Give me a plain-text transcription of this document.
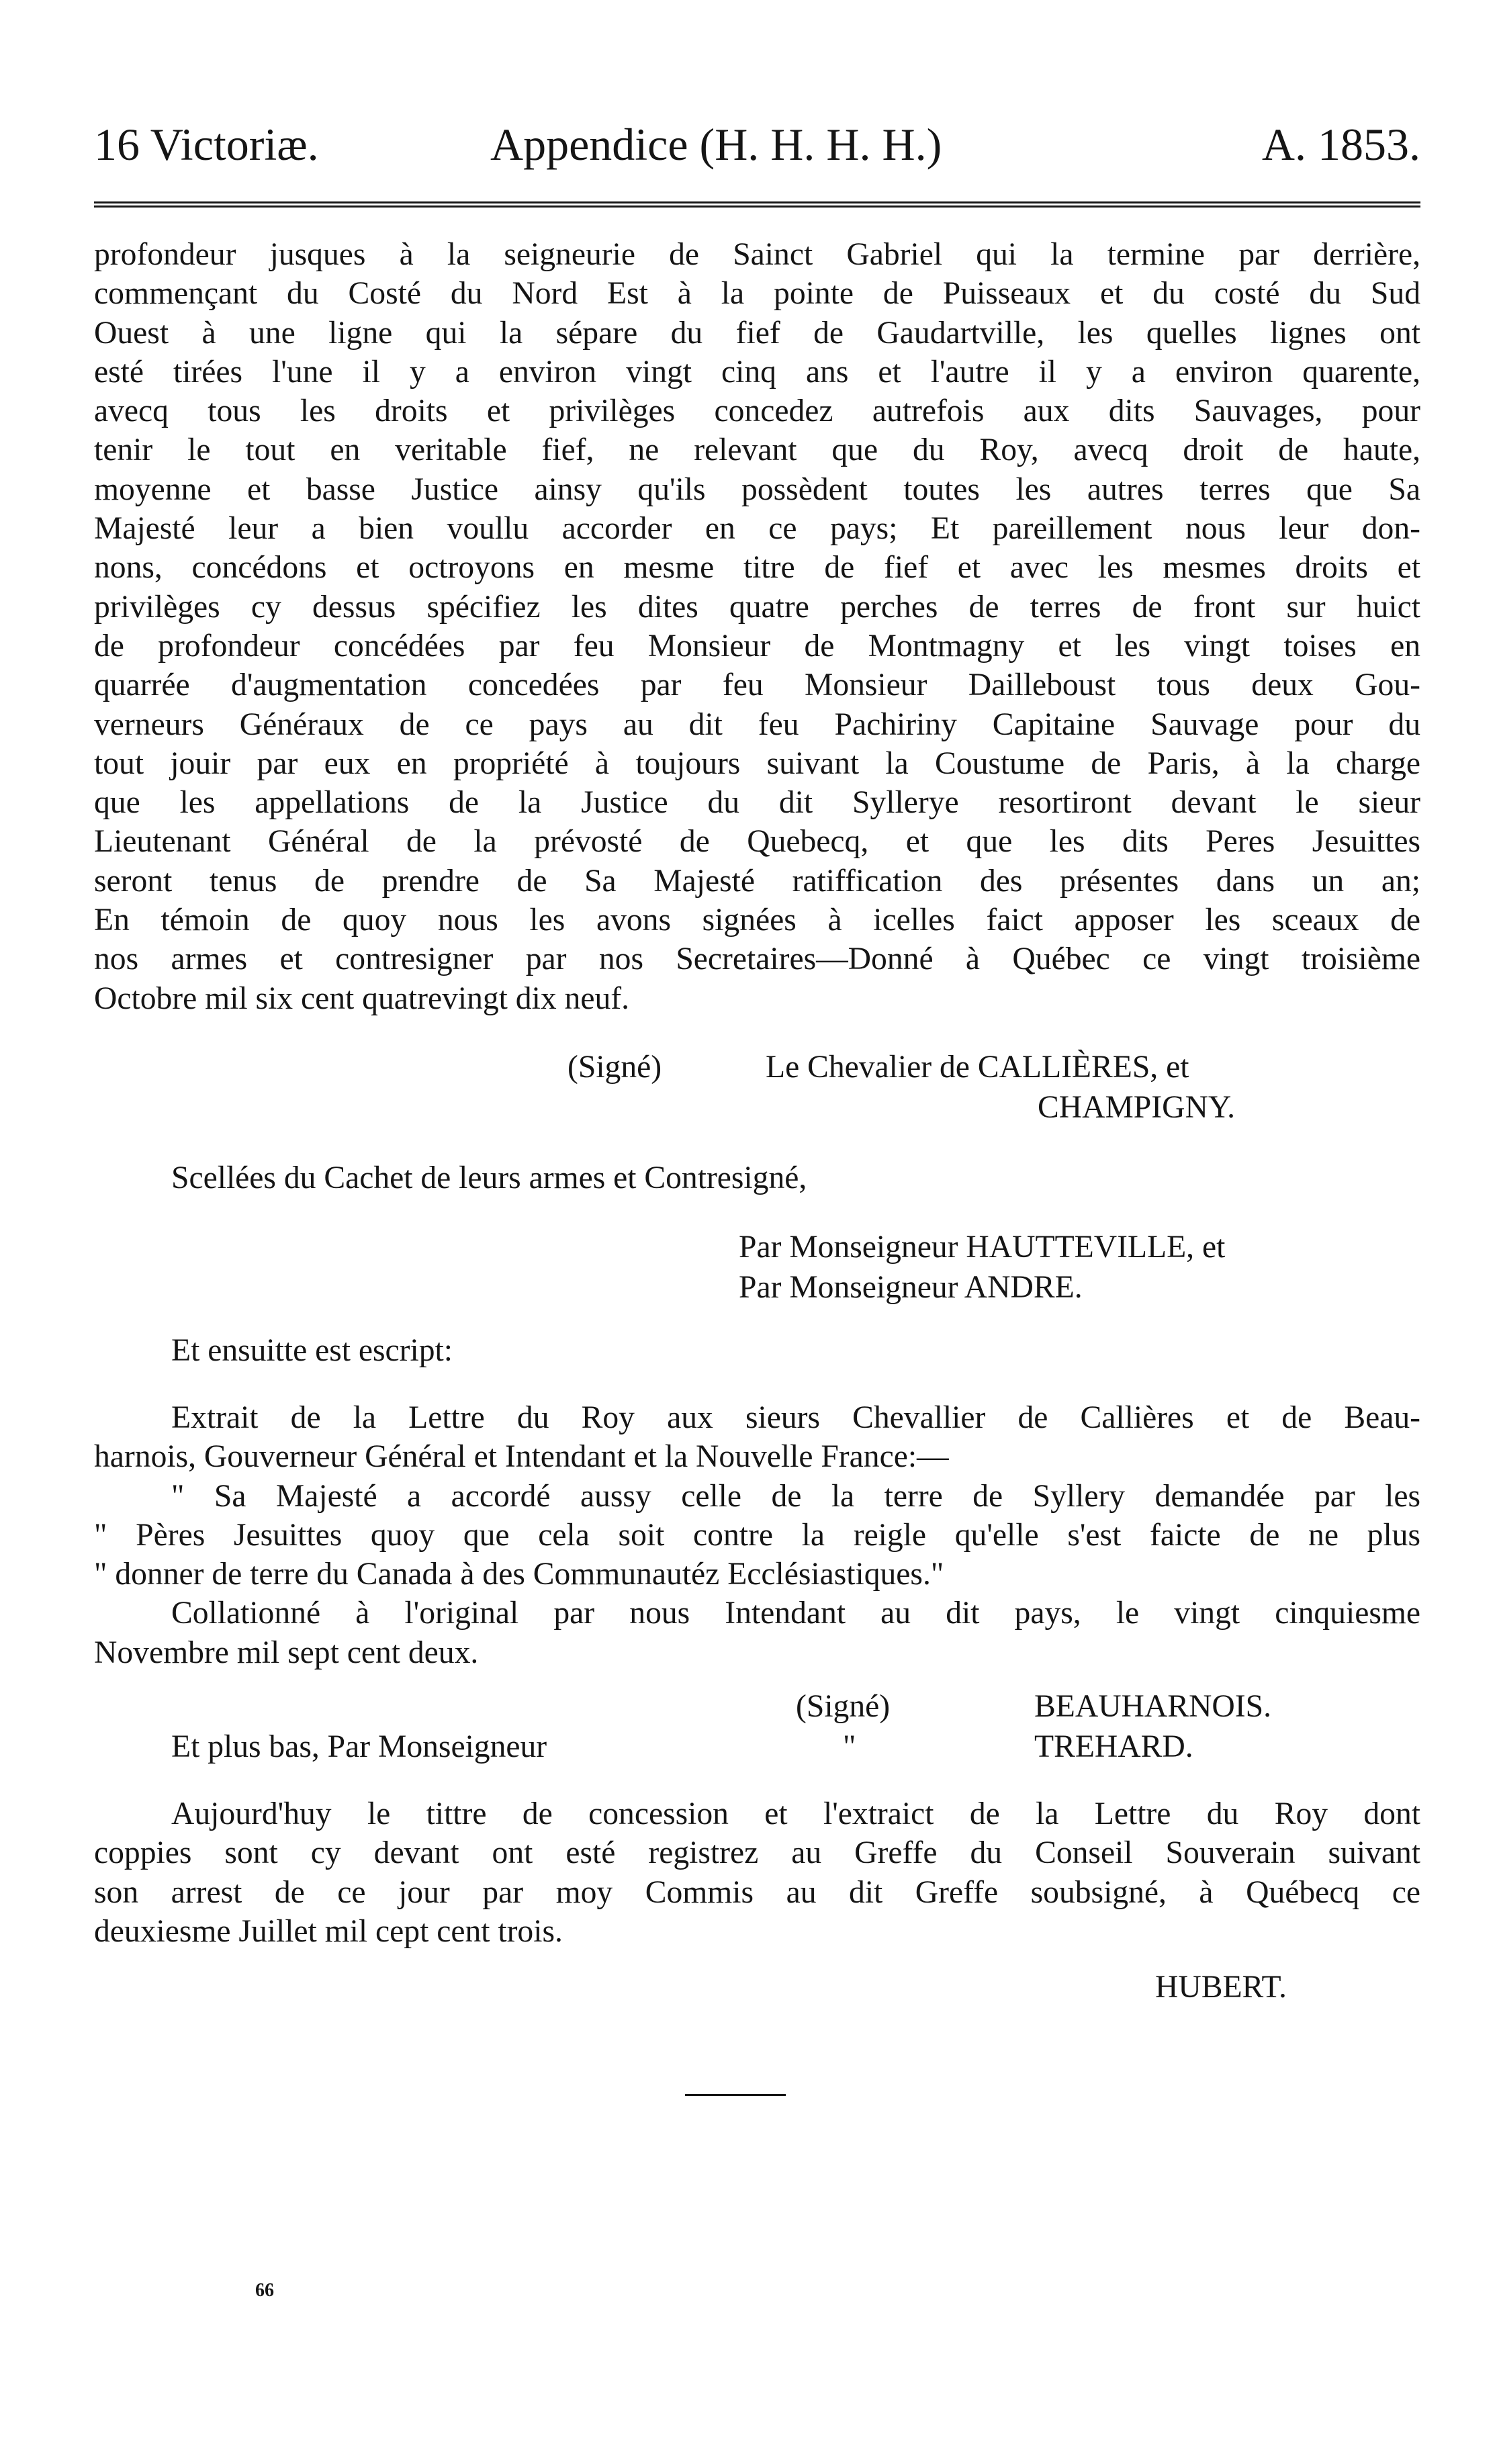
16 Victoriæ.	Appendice (H. H. H. H.)	A. 1853.
profondeur jusques à la seigneurie de Sainct Gabriel qui la termine par derrière,
commençant du Costé du Nord Est à la pointe de Puisseaux et du costé du Sud
Ouest à une ligne qui la sépare du fief de Gaudartville, les quelles lignes ont
esté tirées l'une il y a environ vingt cinq ans et l'autre il y a environ quarente,
avecq tous les droits et privilèges concedez autrefois aux dits Sauvages, pour
tenir le tout en veritable fief, ne relevant que du Roy, avecq droit de haute,
moyenne et basse Justice ainsy qu'ils possèdent toutes les autres terres que Sa
Majesté leur a bien voullu accorder en ce pays; Et pareillement nous leur don-
nons, concédons et octroyons en mesme titre de fief et avec les mesmes droits et
privilèges cy dessus spécifiez les dites quatre perches de terres de front sur huict
de profondeur concédées par feu Monsieur de Montmagny et les vingt toises en
quarrée d'augmentation concedées par feu Monsieur Dailleboust tous deux Gou-
verneurs Généraux de ce pays au dit feu Pachiriny Capitaine Sauvage pour du
tout jouir par eux en propriété à toujours suivant la Coustume de Paris, à la charge
que les appellations de la Justice du dit Syllerye resortiront devant le sieur
Lieutenant Général de la prévosté de Quebecq, et que les dits Peres Jesuittes
seront tenus de prendre de Sa Majesté ratiffication des présentes dans un an;
En témoin de quoy nous les avons signées à icelles faict apposer les sceaux de
nos armes et contresigner par nos Secretaires—Donné à Québec ce vingt troisième
Octobre mil six cent quatrevingt dix neuf.
(Signé)	Le Chevalier de CALLIÈRES, et
CHAMPIGNY.
Scellées du Cachet de leurs armes et Contresigné,
Par Monseigneur HAUTTEVILLE, et
Par Monseigneur ANDRE.
Et ensuitte est escript:
Extrait de la Lettre du Roy aux sieurs Chevallier de Callières et de Beau-
harnois, Gouverneur Général et Intendant et la Nouvelle France:—
" Sa Majesté a accordé aussy celle de la terre de Syllery demandée par les
" Pères Jesuittes quoy que cela soit contre la reigle qu'elle s'est faicte de ne plus
" donner de terre du Canada à des Communautéz Ecclésiastiques."
Collationné à l'original par nous Intendant au dit pays, le vingt cinquiesme
Novembre mil sept cent deux.
(Signé)	BEAUHARNOIS.
Et plus bas, Par Monseigneur	"	TREHARD.
Aujourd'huy le tittre de concession et l'extraict de la Lettre du Roy dont
coppies sont cy devant ont esté registrez au Greffe du Conseil Souverain suivant
son arrest de ce jour par moy Commis au dit Greffe soubsigné, à Québecq ce
deuxiesme Juillet mil cept cent trois.
HUBERT.
66
